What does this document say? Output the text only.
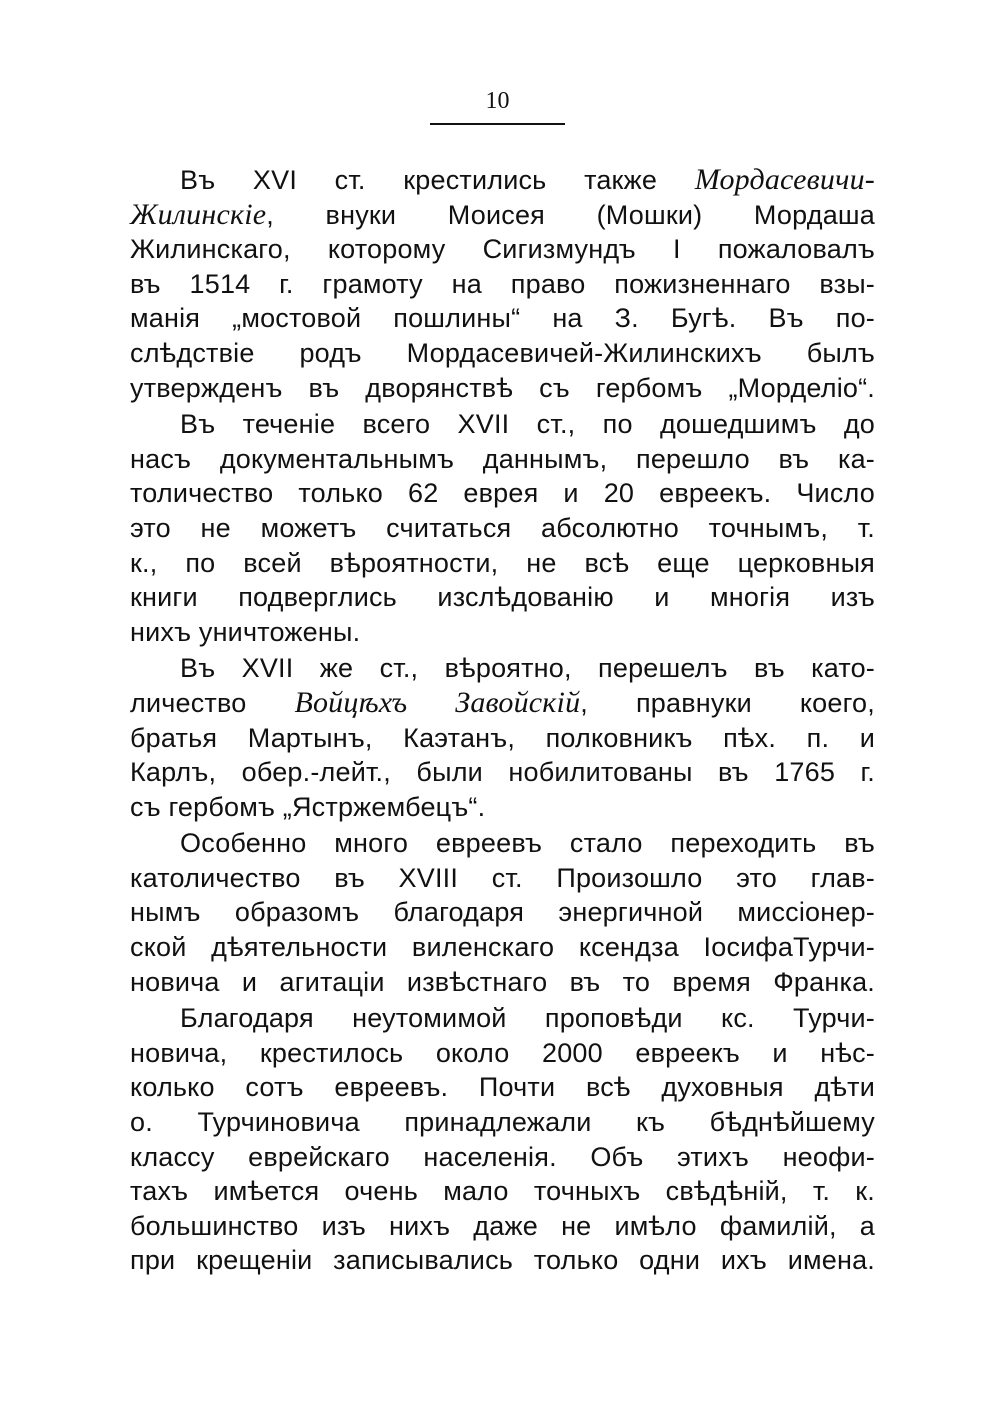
10
Въ XVI ст. крестились также Мордасевичи-
Жилинскіе, внуки Моисея (Мошки) Мордаша
Жилинскаго, которому Сигизмундъ I пожаловалъ
въ 1514 г. грамоту на право пожизненнаго взы-
манія „мостовой пошлины“ на З. Бугѣ. Въ по-
слѣдствіе родъ Мордасевичей-Жилинскихъ былъ
утвержденъ въ дворянствѣ съ гербомъ „Морделіо“.
Въ теченіе всего XVII ст., по дошедшимъ до
насъ документальнымъ даннымъ, перешло въ ка-
толичество только 62 еврея и 20 евреекъ. Число
это не можетъ считаться абсолютно точнымъ, т.
к., по всей вѣроятности, не всѣ еще церковныя
книги подверглись изслѣдованію и многія изъ
нихъ уничтожены.
Въ XVII же ст., вѣроятно, перешелъ въ като-
личество Войцѣхъ Завойскій, правнуки коего,
братья Мартынъ, Каэтанъ, полковникъ пѣх. п. и
Карлъ, обер.-лейт., были нобилитованы въ 1765 г.
съ гербомъ „Ястржембецъ“.
Особенно много евреевъ стало переходить въ
католичество въ XVIII ст. Произошло это глав-
нымъ образомъ благодаря энергичной миссіонер-
ской дѣятельности виленскаго ксендза ІосифаТурчи-
новича и агитаціи извѣстнаго въ то время Франка.
Благодаря неутомимой проповѣди кс. Турчи-
новича, крестилось около 2000 евреекъ и нѣс-
колько сотъ евреевъ. Почти всѣ духовныя дѣти
о. Турчиновича принадлежали къ бѣднѣйшему
классу еврейскаго населенія. Объ этихъ неофи-
тахъ имѣется очень мало точныхъ свѣдѣній, т. к.
большинство изъ нихъ даже не имѣло фамилій, а
при крещеніи записывались только одни ихъ имена.
